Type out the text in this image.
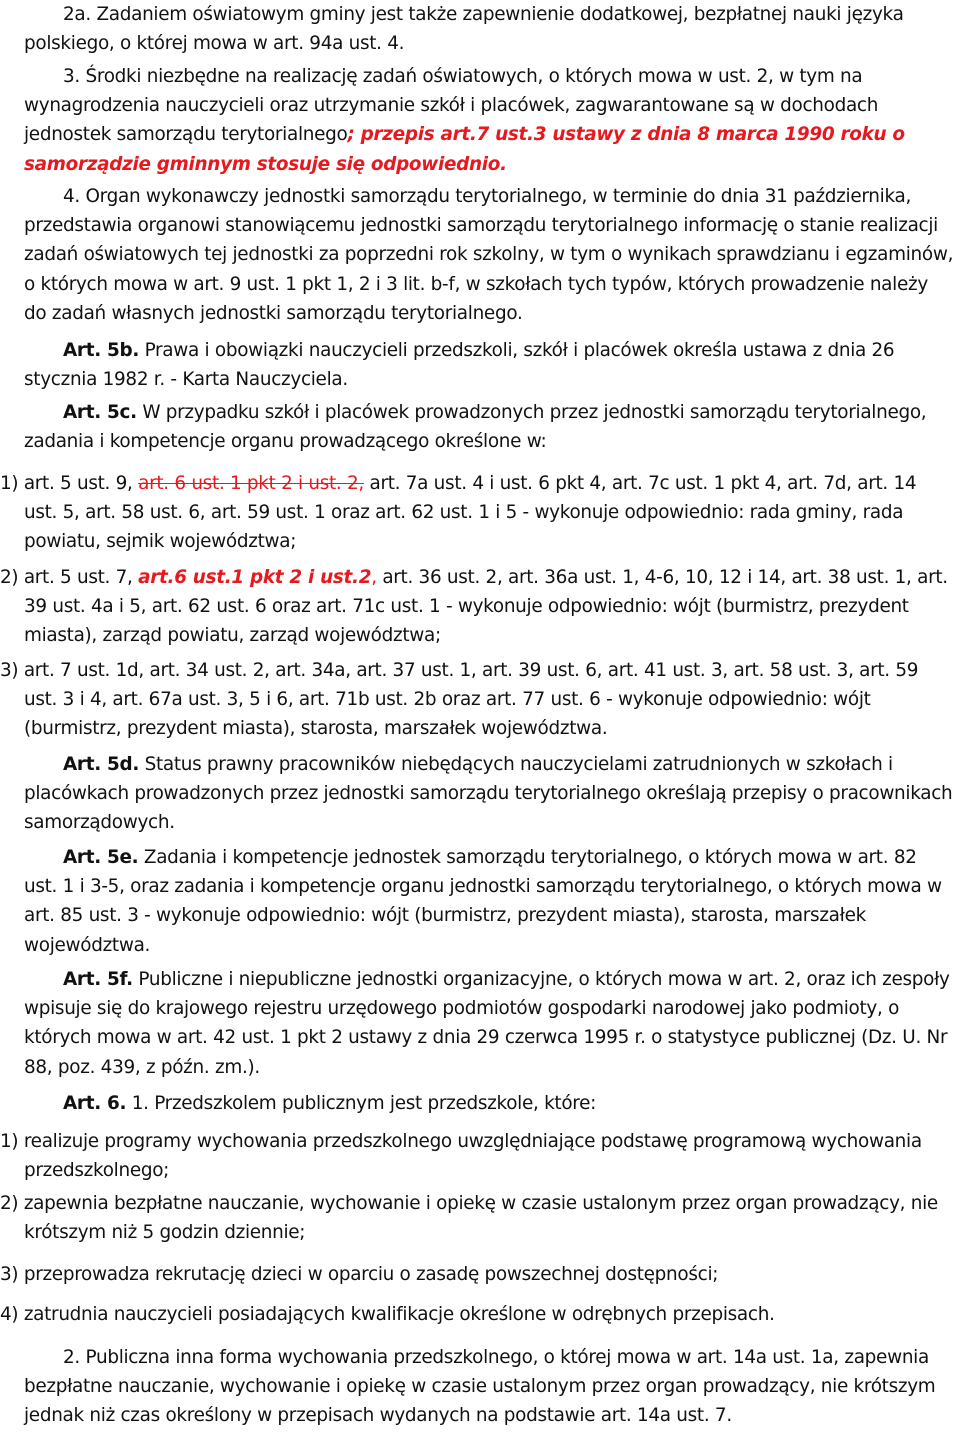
2a. Zadaniem oświatowym gminy jest także zapewnienie dodatkowej, bezpłatnej nauki języka polskiego, o której mowa w art. 94a ust. 4.

3. Środki niezbędne na realizację zadań oświatowych, o których mowa w ust. 2, w tym na wynagrodzenia nauczycieli oraz utrzymanie szkół i placówek, zagwarantowane są w dochodach jednostek samorządu terytorialnego; przepis art.7 ust.3 ustawy z dnia 8 marca 1990 roku o samorządzie gminnym stosuje się odpowiednio.

4. Organ wykonawczy jednostki samorządu terytorialnego, w terminie do dnia 31 października, przedstawia organowi stanowiącemu jednostki samorządu terytorialnego informację o stanie realizacji zadań oświatowych tej jednostki za poprzedni rok szkolny, w tym o wynikach sprawdzianu i egzaminów, o których mowa w art. 9 ust. 1 pkt 1, 2 i 3 lit. b-f, w szkołach tych typów, których prowadzenie należy do zadań własnych jednostki samorządu terytorialnego.

Art. 5b. Prawa i obowiązki nauczycieli przedszkoli, szkół i placówek określa ustawa z dnia 26 stycznia 1982 r. - Karta Nauczyciela.

Art. 5c. W przypadku szkół i placówek prowadzonych przez jednostki samorządu terytorialnego, zadania i kompetencje organu prowadzącego określone w:

1) art. 5 ust. 9, art. 6 ust. 1 pkt 2 i ust. 2, art. 7a ust. 4 i ust. 6 pkt 4, art. 7c ust. 1 pkt 4, art. 7d, art. 14 ust. 5, art. 58 ust. 6, art. 59 ust. 1 oraz art. 62 ust. 1 i 5 - wykonuje odpowiednio: rada gminy, rada powiatu, sejmik województwa;

2) art. 5 ust. 7, art.6 ust.1 pkt 2 i ust.2, art. 36 ust. 2, art. 36a ust. 1, 4-6, 10, 12 i 14, art. 38 ust. 1, art. 39 ust. 4a i 5, art. 62 ust. 6 oraz art. 71c ust. 1 - wykonuje odpowiednio: wójt (burmistrz, prezydent miasta), zarząd powiatu, zarząd województwa;

3) art. 7 ust. 1d, art. 34 ust. 2, art. 34a, art. 37 ust. 1, art. 39 ust. 6, art. 41 ust. 3, art. 58 ust. 3, art. 59 ust. 3 i 4, art. 67a ust. 3, 5 i 6, art. 71b ust. 2b oraz art. 77 ust. 6 - wykonuje odpowiednio: wójt (burmistrz, prezydent miasta), starosta, marszałek województwa.

Art. 5d. Status prawny pracowników niebędących nauczycielami zatrudnionych w szkołach i placówkach prowadzonych przez jednostki samorządu terytorialnego określają przepisy o pracownikach samorządowych.

Art. 5e. Zadania i kompetencje jednostek samorządu terytorialnego, o których mowa w art. 82 ust. 1 i 3-5, oraz zadania i kompetencje organu jednostki samorządu terytorialnego, o których mowa w art. 85 ust. 3 - wykonuje odpowiednio: wójt (burmistrz, prezydent miasta), starosta, marszałek województwa.

Art. 5f. Publiczne i niepubliczne jednostki organizacyjne, o których mowa w art. 2, oraz ich zespoły wpisuje się do krajowego rejestru urzędowego podmiotów gospodarki narodowej jako podmioty, o których mowa w art. 42 ust. 1 pkt 2 ustawy z dnia 29 czerwca 1995 r. o statystyce publicznej (Dz. U. Nr 88, poz. 439, z późn. zm.).

Art. 6. 1. Przedszkolem publicznym jest przedszkole, które:

1) realizuje programy wychowania przedszkolnego uwzględniające podstawę programową wychowania przedszkolnego;

2) zapewnia bezpłatne nauczanie, wychowanie i opiekę w czasie ustalonym przez organ prowadzący, nie krótszym niż 5 godzin dziennie;

3) przeprowadza rekrutację dzieci w oparciu o zasadę powszechnej dostępności;

4) zatrudnia nauczycieli posiadających kwalifikacje określone w odrębnych przepisach.

2. Publiczna inna forma wychowania przedszkolnego, o której mowa w art. 14a ust. 1a, zapewnia bezpłatne nauczanie, wychowanie i opiekę w czasie ustalonym przez organ prowadzący, nie krótszym jednak niż czas określony w przepisach wydanych na podstawie art. 14a ust. 7.
